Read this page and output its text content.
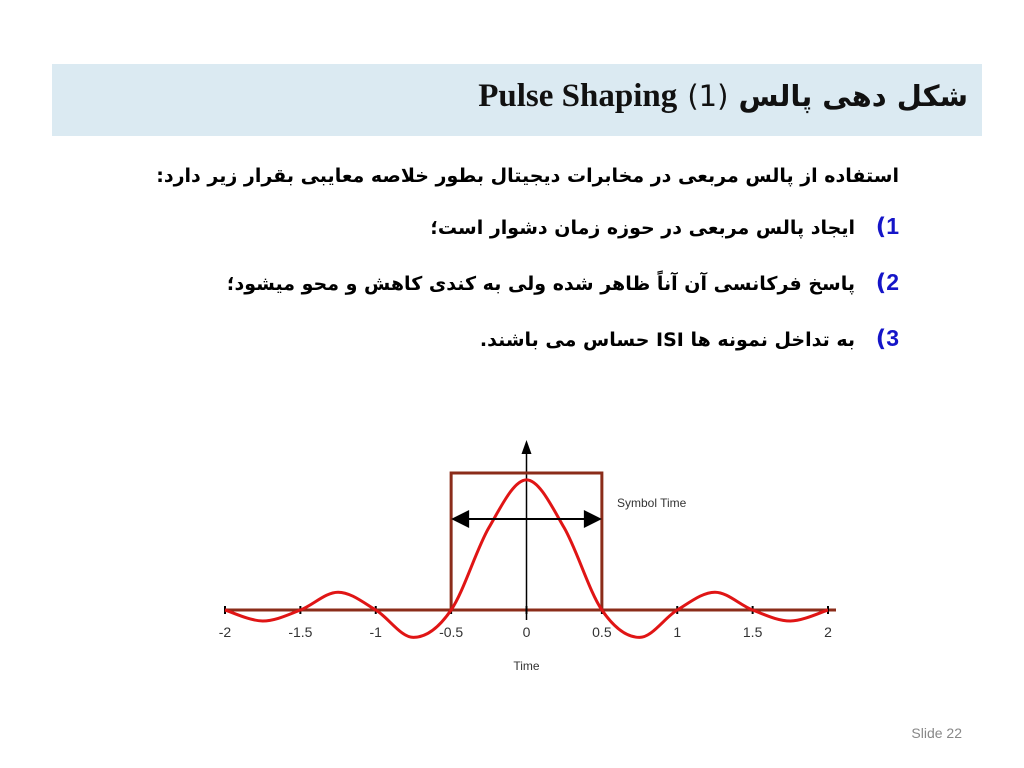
شکل دهی پالس Pulse Shaping (1)

استفاده از پالس مربعی در مخابرات دیجیتال بطور خلاصه معایبی بقرار زیر دارد:

1)
ایجاد پالس مربعی در حوزه زمان دشوار است؛

2)
پاسخ فرکانسی آن آناً ظاهر شده ولی به کندی کاهش و محو میشود؛

3)
به تداخل نمونه ها ISI حساس می باشند.

-2	-1.5	-1	-0.5	0	0.5	1	1.5	2
Symbol Time
Time
Slide 22
